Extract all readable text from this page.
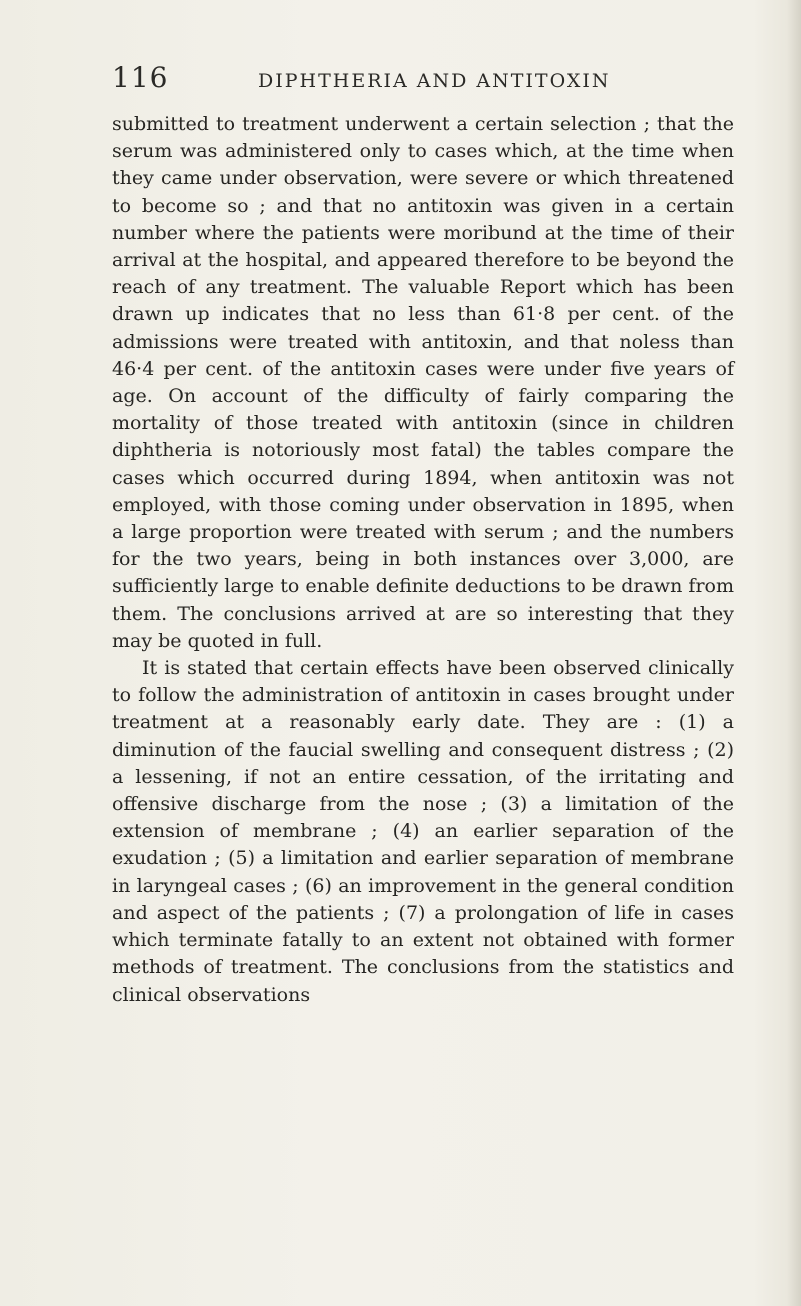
116	DIPHTHERIA AND ANTITOXIN

submitted to treatment underwent a certain selection ; that the serum was administered only to cases which, at the time when they came under observation, were severe or which threatened to become so ; and that no antitoxin was given in a certain number where the patients were moribund at the time of their arrival at the hospital, and appeared therefore to be beyond the reach of any treatment. The valuable Report which has been drawn up indicates that no less than 61·8 per cent. of the admissions were treated with antitoxin, and that noless than 46·4 per cent. of the antitoxin cases were under five years of age. On account of the difficulty of fairly comparing the mortality of those treated with antitoxin (since in children diphtheria is notoriously most fatal) the tables compare the cases which occurred during 1894, when antitoxin was not employed, with those coming under observation in 1895, when a large proportion were treated with serum ; and the numbers for the two years, being in both instances over 3,000, are sufficiently large to enable definite deductions to be drawn from them. The conclusions arrived at are so interesting that they may be quoted in full.

It is stated that certain effects have been observed clinically to follow the administration of antitoxin in cases brought under treatment at a reasonably early date. They are : (1) a diminution of the faucial swelling and consequent distress ; (2) a lessening, if not an entire cessation, of the irritating and offensive discharge from the nose ; (3) a limitation of the extension of membrane ; (4) an earlier separation of the exudation ; (5) a limitation and earlier separation of membrane in laryngeal cases ; (6) an improvement in the general condition and aspect of the patients ; (7) a prolongation of life in cases which terminate fatally to an extent not obtained with former methods of treatment. The conclusions from the statistics and clinical observations
